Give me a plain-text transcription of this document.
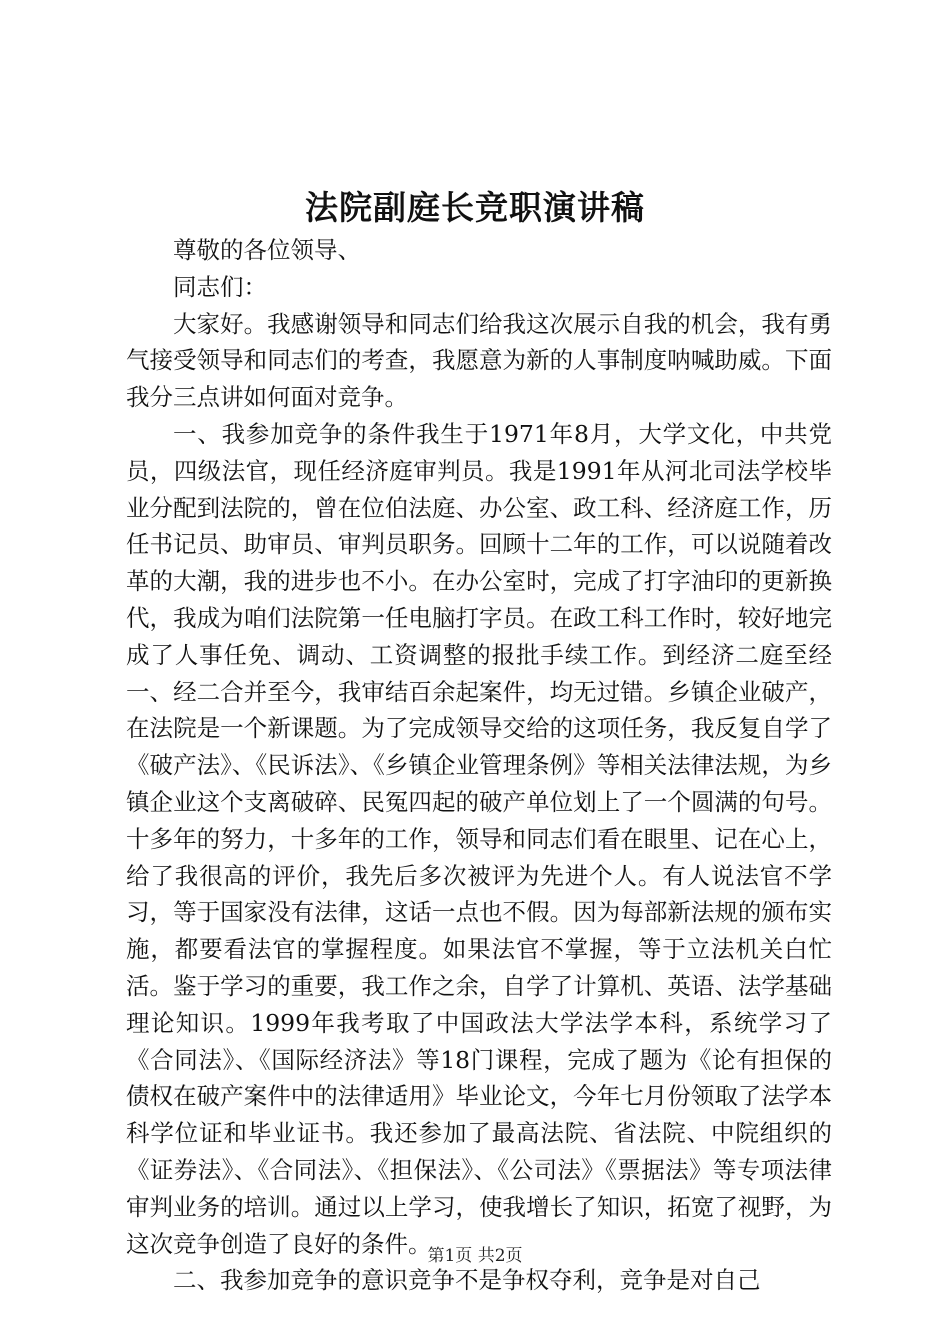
法院副庭长竞职演讲稿

尊敬的各位领导、

同志们：

大家好。我感谢领导和同志们给我这次展示自我的机会，我有勇气接受领导和同志们的考查，我愿意为新的人事制度呐喊助威。下面我分三点讲如何面对竞争。

一、我参加竞争的条件我生于1971年8月，大学文化，中共党员，四级法官，现任经济庭审判员。我是1991年从河北司法学校毕业分配到法院的，曾在位伯法庭、办公室、政工科、经济庭工作，历任书记员、助审员、审判员职务。回顾十二年的工作，可以说随着改革的大潮，我的进步也不小。在办公室时，完成了打字油印的更新换代，我成为咱们法院第一任电脑打字员。在政工科工作时，较好地完成了人事任免、调动、工资调整的报批手续工作。到经济二庭至经一、经二合并至今，我审结百余起案件，均无过错。乡镇企业破产，在法院是一个新课题。为了完成领导交给的这项任务，我反复自学了《破产法》、《民诉法》、《乡镇企业管理条例》等相关法律法规，为乡镇企业这个支离破碎、民冤四起的破产单位划上了一个圆满的句号。十多年的努力，十多年的工作，领导和同志们看在眼里、记在心上，给了我很高的评价，我先后多次被评为先进个人。有人说法官不学习，等于国家没有法律，这话一点也不假。因为每部新法规的颁布实施，都要看法官的掌握程度。如果法官不掌握，等于立法机关白忙活。鉴于学习的重要，我工作之余，自学了计算机、英语、法学基础理论知识。1999年我考取了中国政法大学法学本科，系统学习了《合同法》、《国际经济法》等18门课程，完成了题为《论有担保的债权在破产案件中的法律适用》毕业论文，今年七月份领取了法学本科学位证和毕业证书。我还参加了最高法院、省法院、中院组织的《证券法》、《合同法》、《担保法》、《公司法》《票据法》等专项法律审判业务的培训。通过以上学习，使我增长了知识，拓宽了视野，为这次竞争创造了良好的条件。

二、我参加竞争的意识竞争不是争权夺利，竞争是对自己

第1页 共2页
